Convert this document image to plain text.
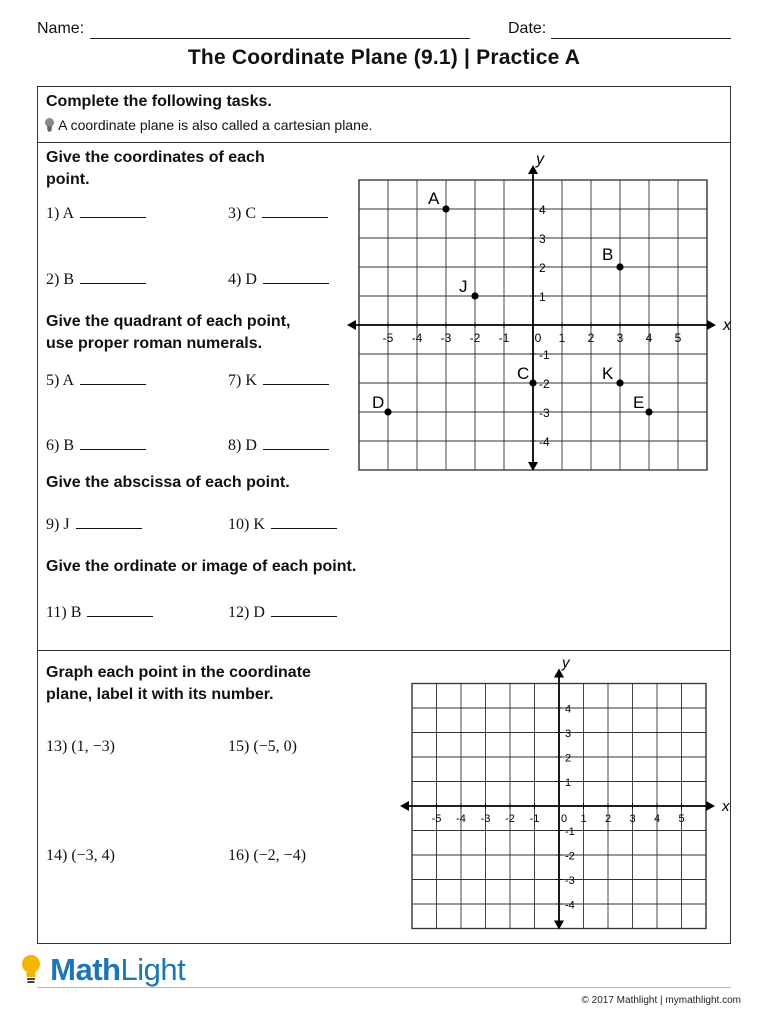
Name:	Date:
The Coordinate Plane (9.1) | Practice A
Complete the following tasks.
A coordinate plane is also called a cartesian plane.
Give the coordinates of each
point.
1) A	3) C
2) B	4) D
Give the quadrant of each point,
use proper roman numerals.
5) A	7) K
6) B	8) D
Give the abscissa of each point.
9) J	10) K
Give the ordinate or image of each point.
11) B	12) D
Graph each point in the coordinate
plane, label it with its number.
13) (1, −3)	15) (−5, 0)
14) (−3, 4)	16) (−2, −4)
x
y
-5 -4 -3 -2 -1 0 1 2 3 4 5
4
3
2
1
-1
-2
-3
-4
A
B
J
C	K
D	E
x
y
-5 -4 -3 -2 -1 0 1 2 3 4 5
4
3
2
1
-1
-2
-3
-4
MathLight
© 2017 Mathlight | mymathlight.com
